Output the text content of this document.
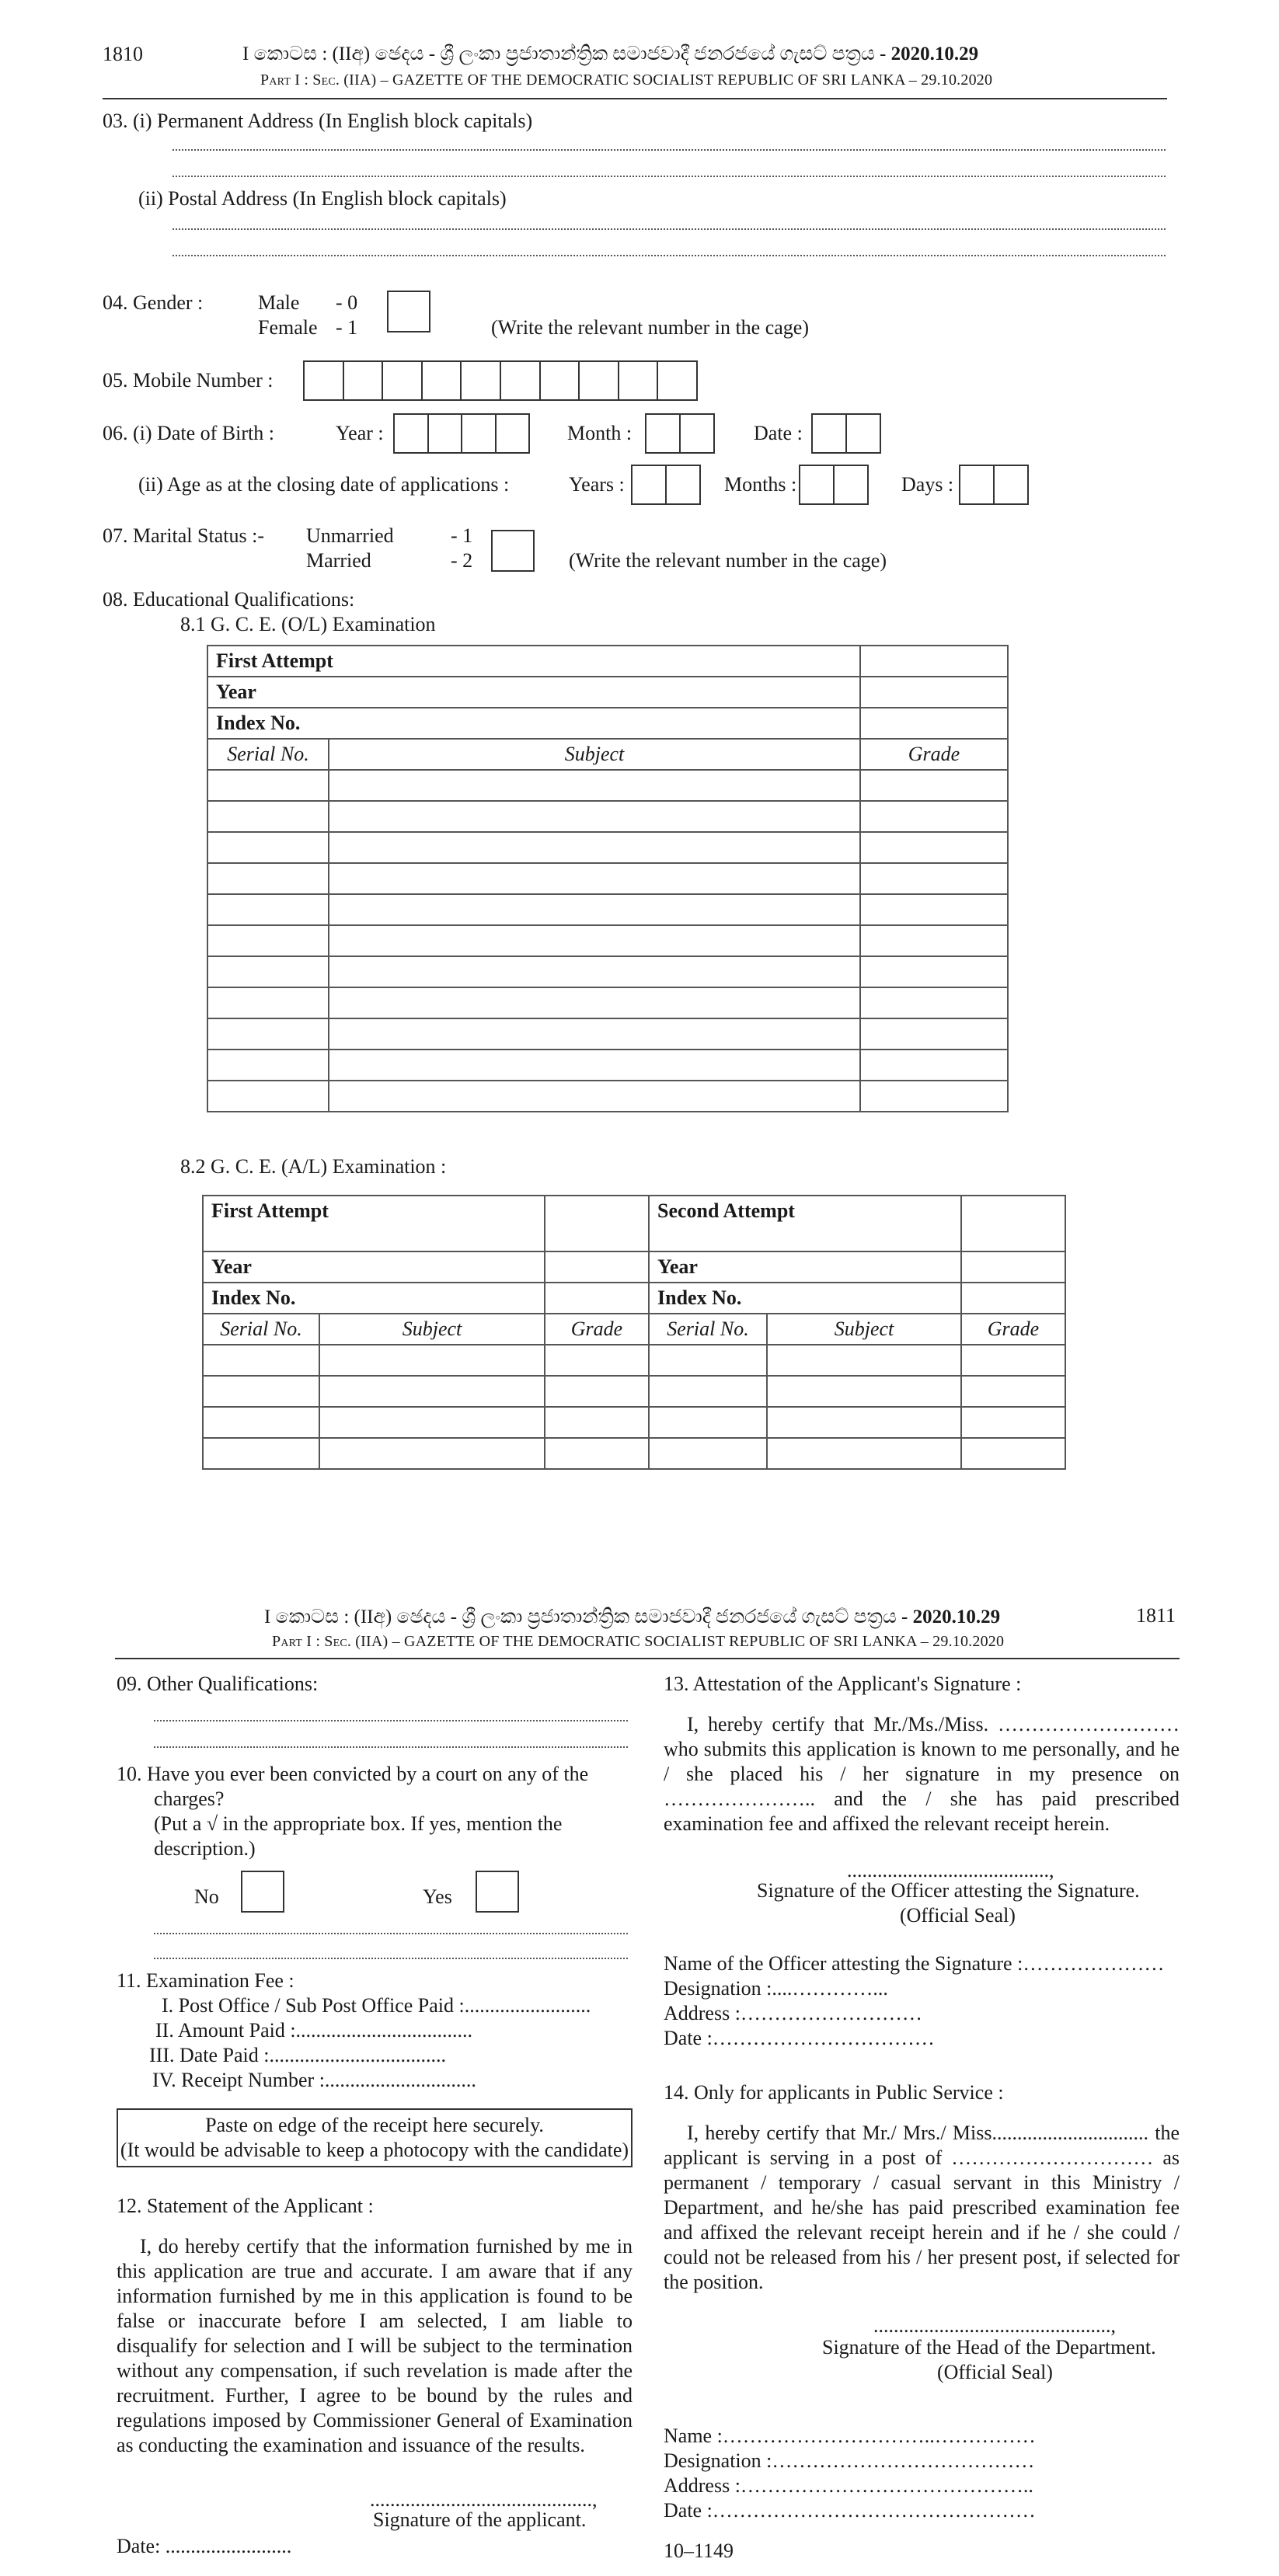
1810	I කොටස : (IIඅ) ඡෙදය - ශ්‍රී ලංකා ප්‍රජාතාන්ත්‍රික සමාජවාදී ජනරජයේ ගැසට් පත්‍රය - 2020.10.29
Part I : Sec. (IIA) – GAZETTE OF THE DEMOCRATIC SOCIALIST REPUBLIC OF SRI LANKA – 29.10.2020
03. (i) Permanent Address (In English block capitals)
(ii) Postal Address (In English block capitals)
04. Gender :	Male - 0
Female - 1	(Write the relevant number in the cage)
05. Mobile Number :
06. (i) Date of Birth :	Year :	Month :	Date :
(ii) Age as at the closing date of applications :	Years :	Months :	Days :
07. Marital Status :- Unmarried	- 1
Married	- 2	(Write the relevant number in the cage)
08. Educational Qualifications:
8.1 G. C. E. (O/L) Examination
First Attempt		
Year		
Index No.		
Serial No.	Subject	Grade

8.2 G. C. E. (A/L) Examination :
First Attempt			Second Attempt		
Year			Year		
Index No.			Index No.		
Serial No.	Subject	Grade	Serial No.	Subject	Grade

I කොටස : (IIඅ) ඡෙදය - ශ්‍රී ලංකා ප්‍රජාතාන්ත්‍රික සමාජවාදී ජනරජයේ ගැසට් පත්‍රය - 2020.10.29	1811
Part I : Sec. (IIA) – GAZETTE OF THE DEMOCRATIC SOCIALIST REPUBLIC OF SRI LANKA – 29.10.2020
09. Other Qualifications:
10. Have you ever been convicted by a court on any of the
charges?
(Put a √ in the appropriate box. If yes, mention the
description.)
No	Yes
11. Examination Fee :
I. Post Office / Sub Post Office Paid :.........................
II. Amount Paid :...................................
III. Date Paid :...................................
IV. Receipt Number :..............................
Paste on edge of the receipt here securely.
(It would be advisable to keep a photocopy with the candidate)
12. Statement of the Applicant :
I, do hereby certify that the information furnished by me in this application are true and accurate. I am aware that if any information furnished by me in this application is found to be false or inaccurate before I am selected, I am liable to disqualify for selection and I will be subject to the termination without any compensation, if such revelation is made after the recruitment. Further, I agree to be bound by the rules and regulations imposed by Commissioner General of Examination as conducting the examination and issuance of the results.
............................................,
Signature of the applicant.
Date: .........................
13. Attestation of the Applicant's Signature :
I, hereby certify that Mr./Ms./Miss. ……………………… who submits this application is known to me personally, and he / she placed his / her signature in my presence on ………………….. and the / she has paid prescribed examination fee and affixed the relevant receipt herein.
........................................,
Signature of the Officer attesting the Signature.
(Official Seal)
Name of the Officer attesting the Signature :…………………
Designation :....…………...
Address :………………………
Date :……………………………
14. Only for applicants in Public Service :
I, hereby certify that Mr./ Mrs./ Miss............................... the applicant is serving in a post of ………………………… as permanent / temporary / casual servant in this Ministry / Department, and he/she has paid prescribed examination fee and affixed the relevant receipt herein and if he / she could / could not be released from his / her present post, if selected for the position.
...............................................,
Signature of the Head of the Department.
(Official Seal)
Name :…………………………..……………
Designation :…………………………………
Address :……………………………………..
Date :…………………………………………
10–1149
